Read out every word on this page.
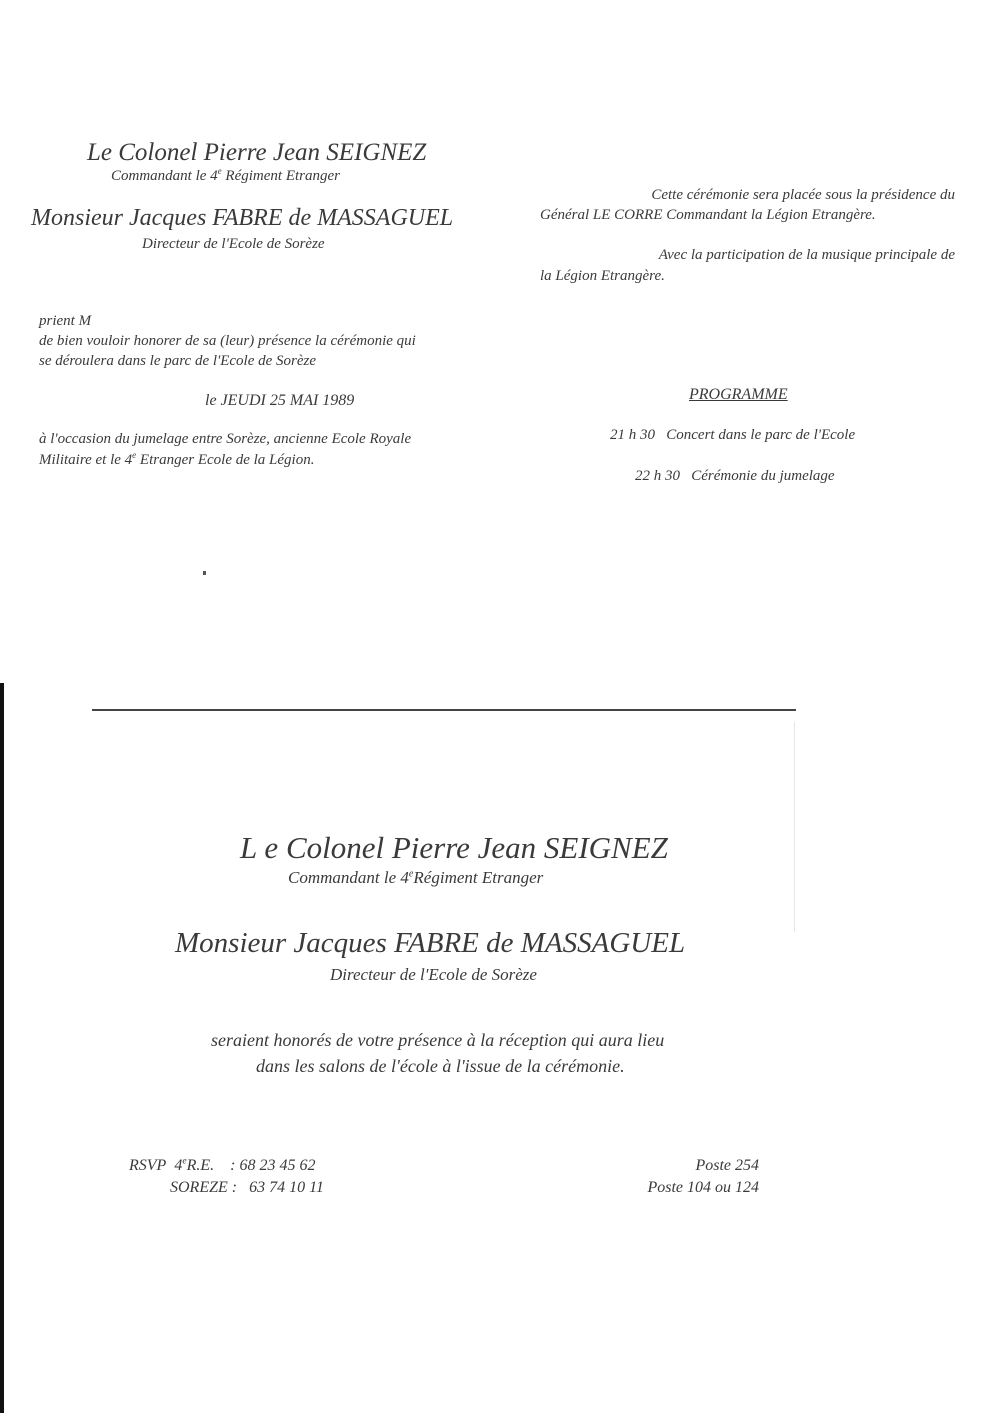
Le Colonel Pierre Jean SEIGNEZ
Commandant le 4e Régiment Etranger
Monsieur Jacques FABRE de MASSAGUEL
Directeur de l'Ecole de Sorèze
prient M
de bien vouloir honorer de sa (leur) présence la cérémonie qui
se déroulera dans le parc de l'Ecole de Sorèze
le JEUDI 25 MAI 1989
à l'occasion du jumelage entre Sorèze, ancienne Ecole Royale
Militaire et le 4e Etranger Ecole de la Légion.
Cette cérémonie sera placée sous la présidence du
Général LE CORRE Commandant la Légion Etrangère.
Avec la participation de la musique principale de
la Légion Etrangère.
PROGRAMME
21 h 30 Concert dans le parc de l'Ecole
22 h 30 Cérémonie du jumelage
L e Colonel Pierre Jean SEIGNEZ
Commandant le 4eRégiment Etranger
Monsieur Jacques FABRE de MASSAGUEL
Directeur de l'Ecole de Sorèze
seraient honorés de votre présence à la réception qui aura lieu
dans les salons de l'école à l'issue de la cérémonie.
RSVP 4eR.E. : 68 23 45 62
SOREZE : 63 74 10 11
Poste 254
Poste 104 ou 124
